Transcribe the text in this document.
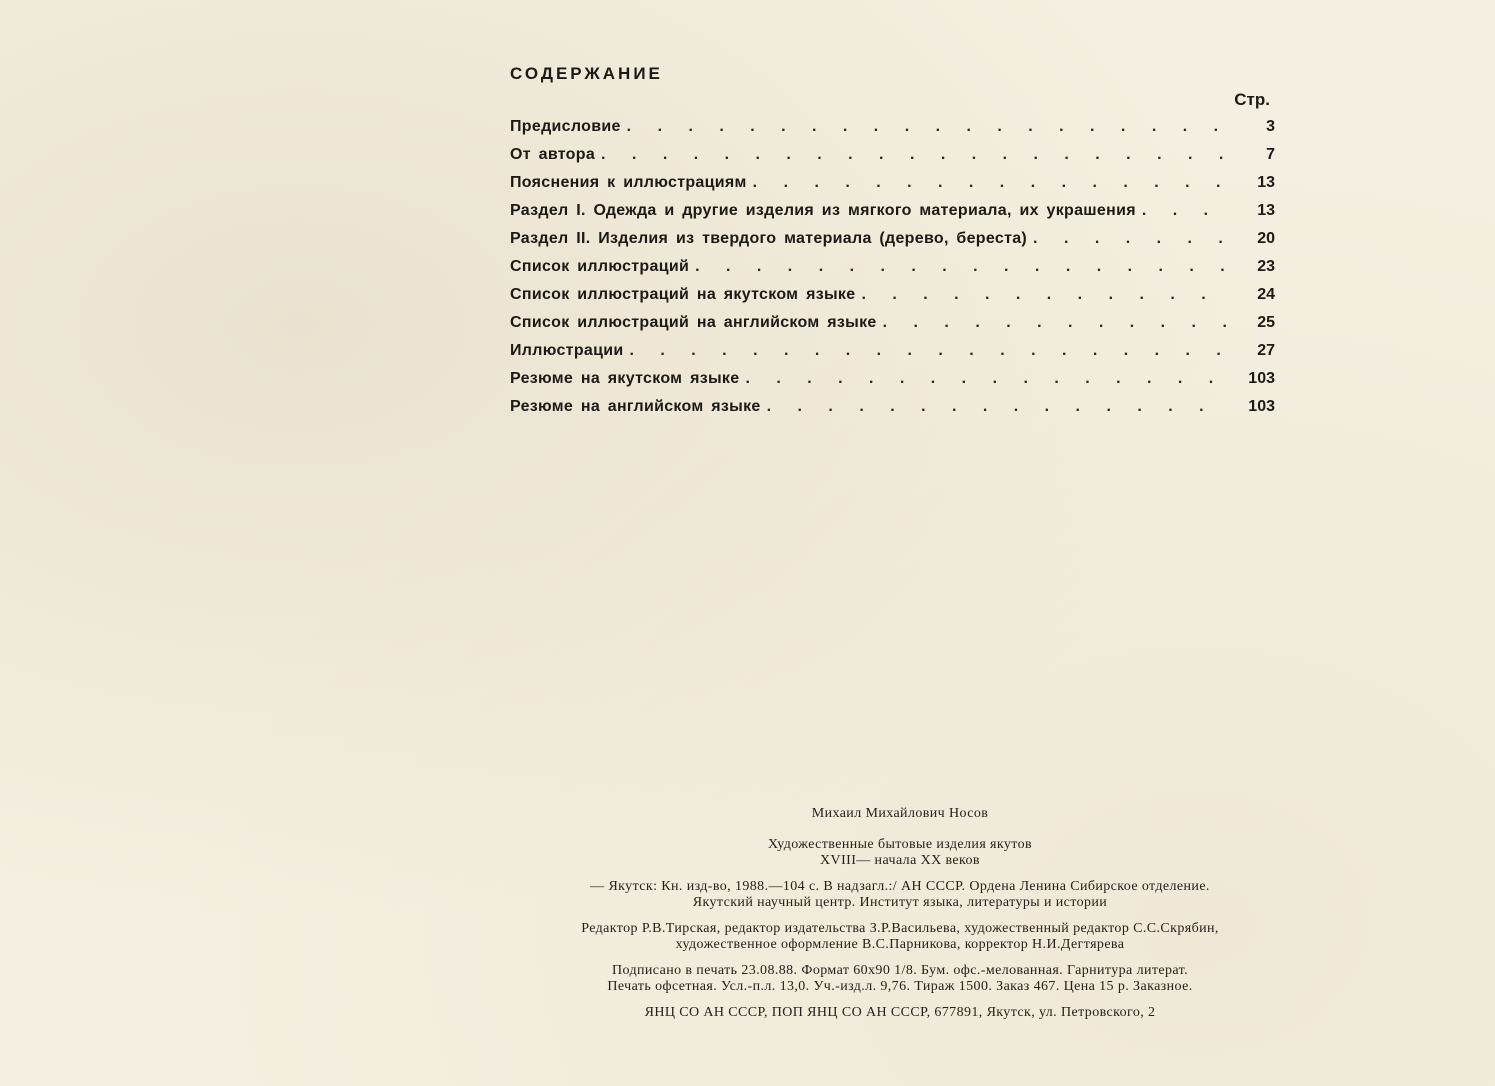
СОДЕРЖАНИЕ
Стр.
Предисловие . . .	3
От автора . . .	7
Пояснения к иллюстрациям . . .	13
Раздел I. Одежда и другие изделия из мягкого материала, их украшения . . .	13
Раздел II. Изделия из твердого материала (дерево, береста) . . .	20
Список иллюстраций . . .	23
Список иллюстраций на якутском языке . . .	24
Список иллюстраций на английском языке . . .	25
Иллюстрации . . .	27
Резюме на якутском языке . . .	103
Резюме на английском языке . . .	103

Михаил Михайлович Носов

Художественные бытовые изделия якутов

XVIII— начала XX веков

— Якутск: Кн. изд-во, 1988.—104 с. В надзагл.:/ АН СССР. Ордена Ленина Сибирское отделение.

Якутский научный центр. Институт языка, литературы и истории

Редактор Р.В.Тирская, редактор издательства З.Р.Васильева, художественный редактор С.С.Скрябин,

художественное оформление В.С.Парникова, корректор Н.И.Дегтярева

Подписано в печать 23.08.88. Формат 60х90 1/8. Бум. офс.-мелованная. Гарнитура литерат.

Печать офсетная. Усл.-п.л. 13,0. Уч.-изд.л. 9,76. Тираж 1500. Заказ 467. Цена 15 р. Заказное.

ЯНЦ СО АН СССР, ПОП ЯНЦ СО АН СССР, 677891, Якутск, ул. Петровского, 2
